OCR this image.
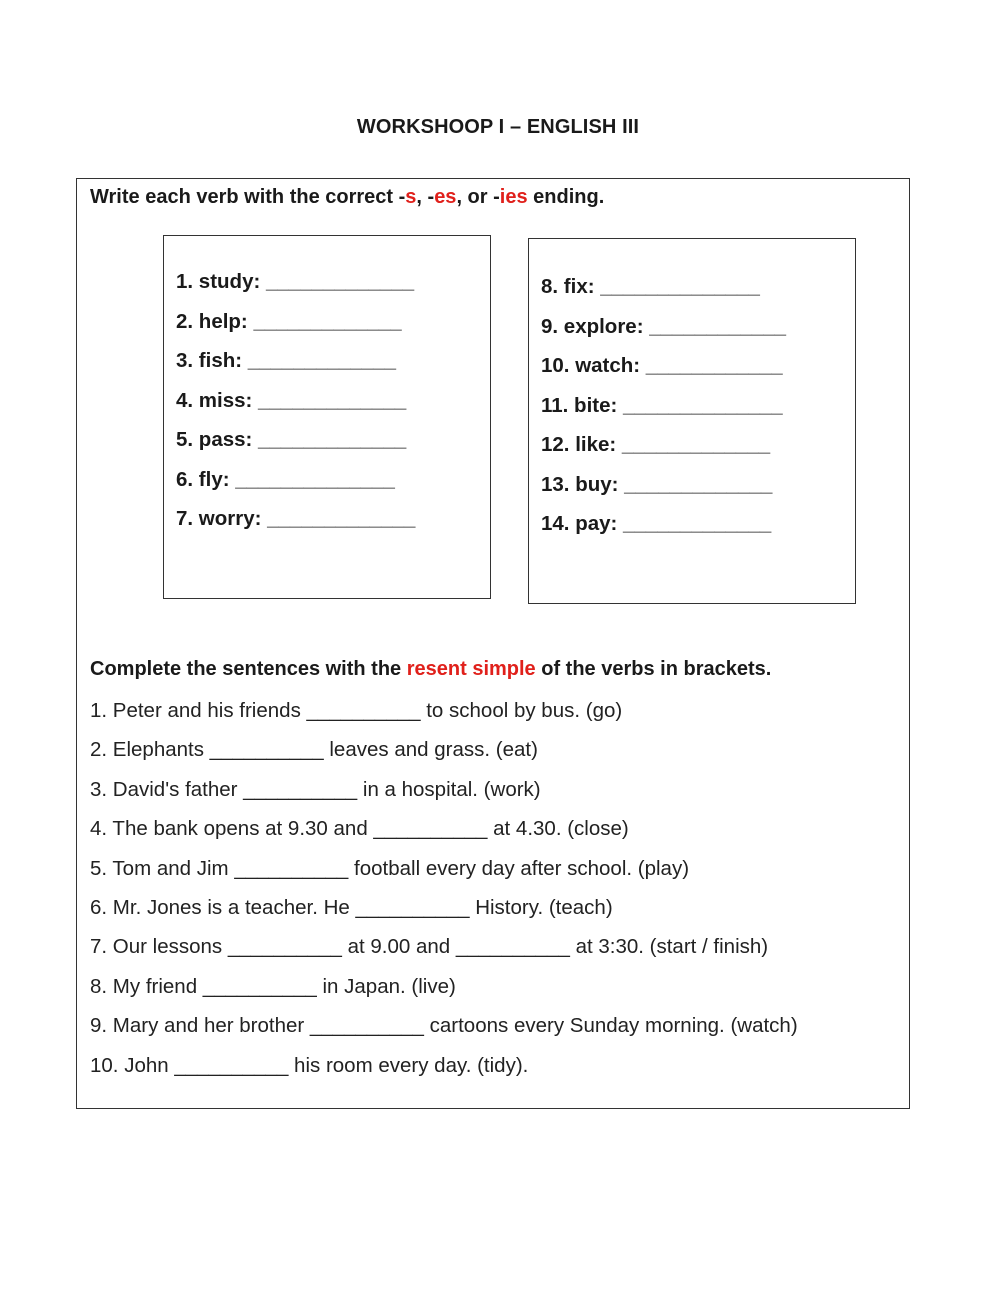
WORKSHOOP I – ENGLISH III
Write each verb with the correct -s, -es, or -ies ending.
1. study: _____________
2. help: _____________
3. fish: _____________
4. miss: _____________
5. pass: _____________
6. fly: ______________
7. worry: _____________
8. fix: ______________
9. explore: ____________
10. watch: ____________
11. bite: ______________
12. like: _____________
13. buy: _____________
14. pay: _____________
Complete the sentences with the resent simple of the verbs in brackets.
1. Peter and his friends __________ to school by bus. (go)
2. Elephants __________ leaves and grass. (eat)
3. David's father __________ in a hospital. (work)
4. The bank opens at 9.30 and __________ at 4.30. (close)
5. Tom and Jim __________ football every day after school. (play)
6. Mr. Jones is a teacher. He __________ History. (teach)
7. Our lessons __________ at 9.00 and __________ at 3:30. (start / finish)
8. My friend __________ in Japan. (live)
9. Mary and her brother __________ cartoons every Sunday morning. (watch)
10. John __________ his room every day. (tidy).
